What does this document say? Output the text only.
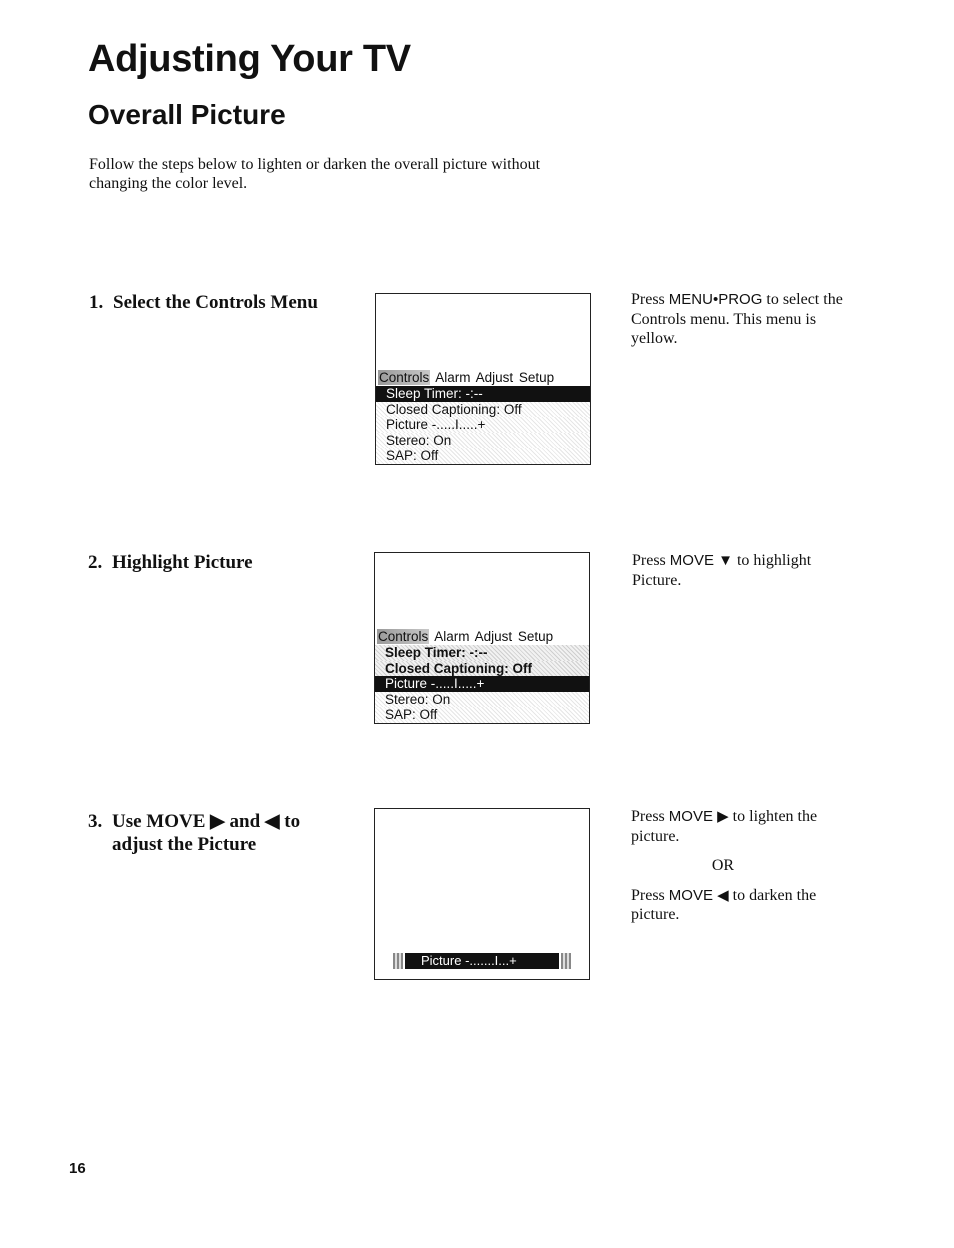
Adjusting Your TV
Overall Picture

Follow the steps below to lighten or darken the overall picture without changing the color level.

1. Select the Controls Menu
Controls Alarm Adjust Setup
Sleep Timer: -:--
Closed Captioning: Off
Picture -.....I.....+
Stereo: On
SAP: Off

Press MENU•PROG to select the Controls menu. This menu is yellow.

2. Highlight Picture
Controls Alarm Adjust Setup
Sleep Timer: -:--
Closed Captioning: Off
Picture -.....I.....+
Stereo: On
SAP: Off

Press MOVE ▼ to highlight Picture.

3. Use MOVE ▶ and ◀ to
adjust the Picture
Picture -.......I...+

Press MOVE ▶ to lighten the picture.

OR

Press MOVE ◀ to darken the picture.

16
